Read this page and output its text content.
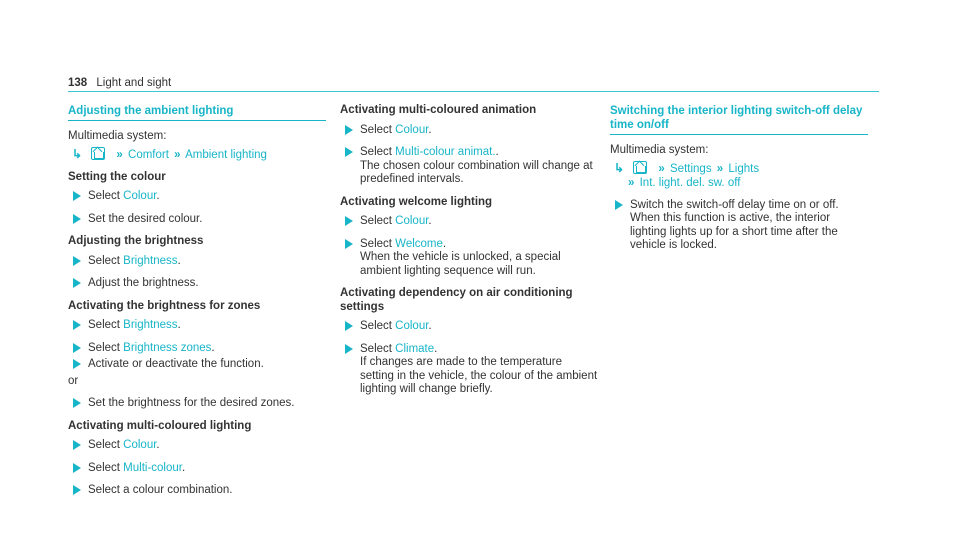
138 Light and sight
Adjusting the ambient lighting
Multimedia system:
↳	» Comfort » Ambient lighting
Setting the colour
Select Colour.
Set the desired colour.
Adjusting the brightness
Select Brightness.
Adjust the brightness.
Activating the brightness for zones
Select Brightness.
Select Brightness zones.
Activate or deactivate the function.
or
Set the brightness for the desired zones.
Activating multi-coloured lighting
Select Colour.
Select Multi-colour.
Select a colour combination.
Activating multi-coloured animation
Select Colour.
Select Multi-colour animat..
The chosen colour combination will change at predefined intervals.
Activating welcome lighting
Select Colour.
Select Welcome.
When the vehicle is unlocked, a special ambient lighting sequence will run.
Activating dependency on air conditioning settings
Select Colour.
Select Climate.
If changes are made to the temperature setting in the vehicle, the colour of the ambient lighting will change briefly.
Switching the interior lighting switch-off delay time on/off
Multimedia system:
↳	» Settings » Lights
» Int. light. del. sw. off
Switch the switch-off delay time on or off. When this function is active, the interior lighting lights up for a short time after the vehicle is locked.
